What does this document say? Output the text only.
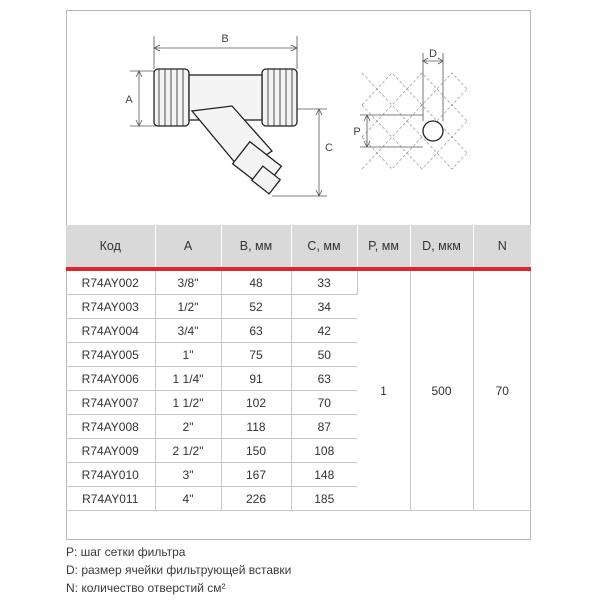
B
A
C
D
P
Код	A	B, мм	C, мм	P, мм	D, мкм	N

R74AY002	3/8"	48	33	1	500	70
R74AY003	1/2"	52	34			
R74AY004	3/4"	63	42			
R74AY005	1"	75	50			
R74AY006	1 1/4"	91	63			
R74AY007	1 1/2"	102	70			
R74AY008	2"	118	87			
R74AY009	2 1/2"	150	108			
R74AY010	3"	167	148			
R74AY011	4"	226	185			
P: шаг сетки фильтра
D: размер ячейки фильтрующей вставки
N: количество отверстий см²
